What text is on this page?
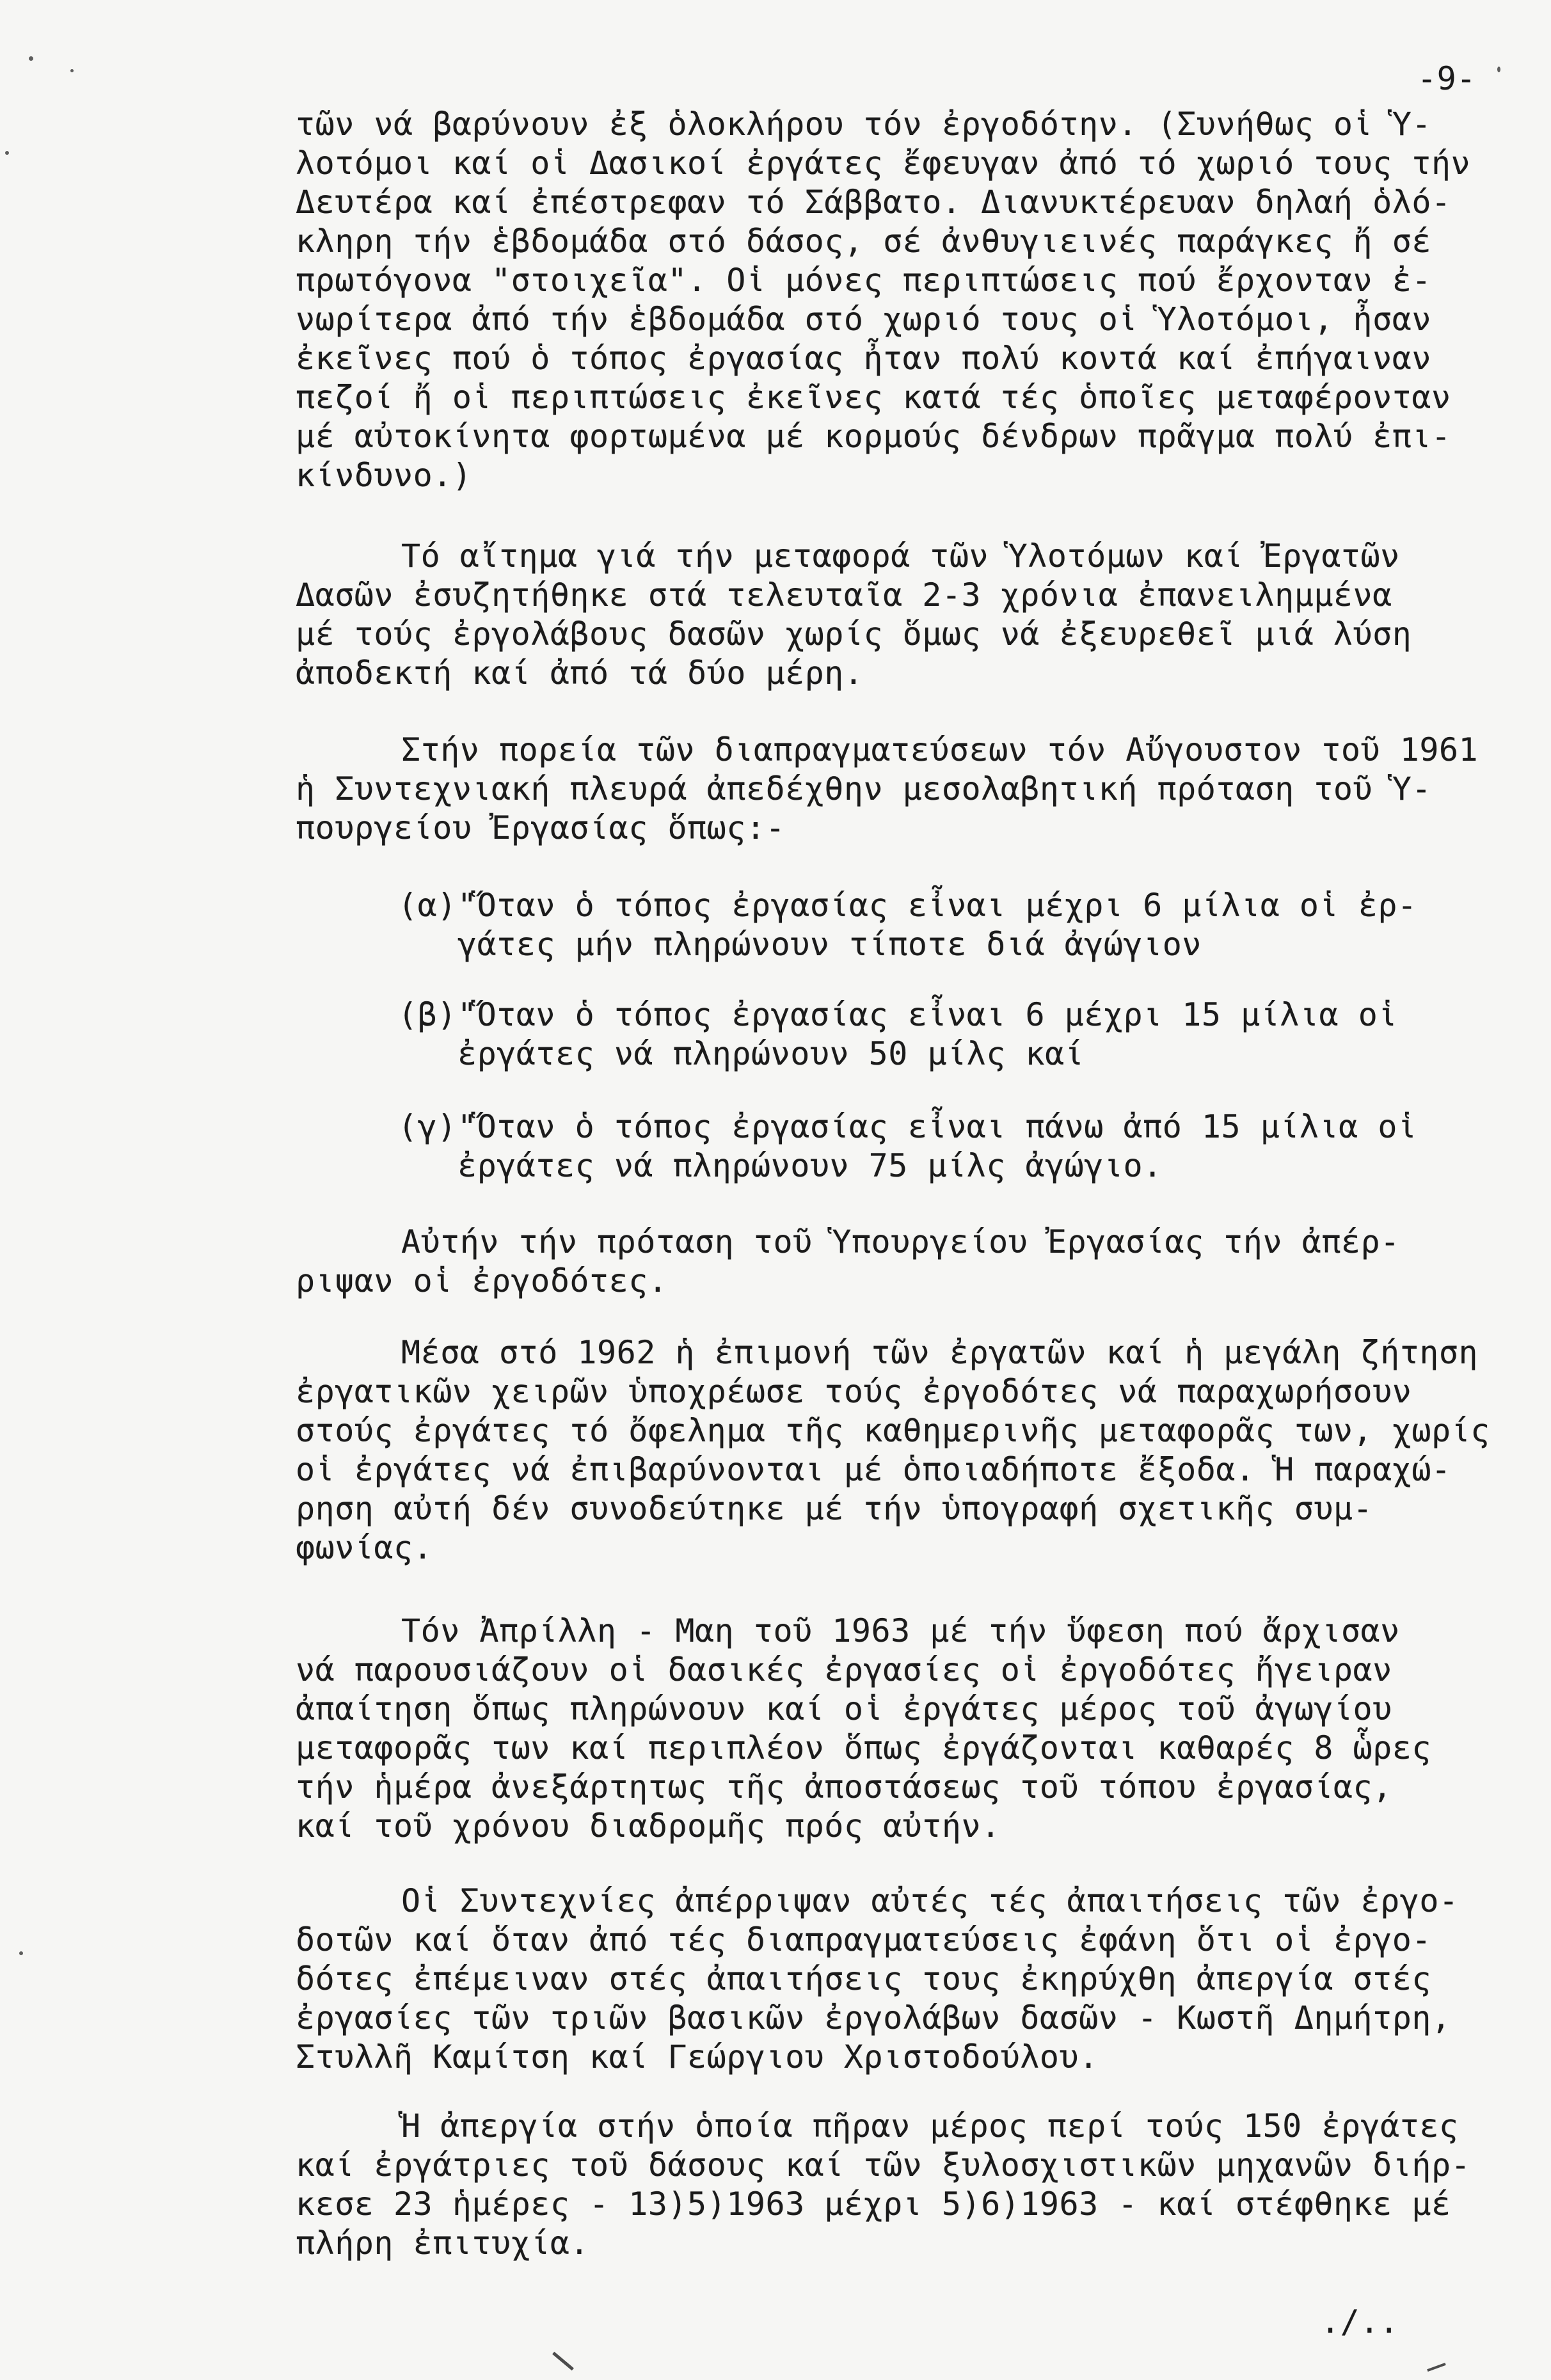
-9-
τῶν νά βαρύνουν ἐξ ὁλοκλήρου τόν ἐργοδότην. (Συνήθως οἱ Ὑ-
λοτόμοι καί οἱ Δασικοί ἐργάτες ἔφευγαν ἀπό τό χωριό τους τήν
Δευτέρα καί ἐπέστρεφαν τό Σάββατο. Διανυκτέρευαν δηλαή ὁλό-
κληρη τήν ἑβδομάδα στό δάσος, σέ ἀνθυγιεινές παράγκες ἤ σέ
πρωτόγονα "στοιχεῖα". Οἱ μόνες περιπτώσεις πού ἔρχονταν ἐ-
νωρίτερα ἀπό τήν ἑβδομάδα στό χωριό τους οἱ Ὑλοτόμοι, ἦσαν
ἐκεῖνες πού ὁ τόπος ἐργασίας ἦταν πολύ κοντά καί ἐπήγαιναν
πεζοί ἤ οἱ περιπτώσεις ἐκεῖνες κατά τές ὁποῖες μεταφέρονταν
μέ αὐτοκίνητα φορτωμένα μέ κορμούς δένδρων πρᾶγμα πολύ ἐπι-
κίνδυνο.)
Τό αἴτημα γιά τήν μεταφορά τῶν Ὑλοτόμων καί Ἐργατῶν
Δασῶν ἐσυζητήθηκε στά τελευταῖα 2-3 χρόνια ἐπανειλημμένα
μέ τούς ἐργολάβους δασῶν χωρίς ὅμως νά ἐξευρεθεῖ μιά λύση
ἀποδεκτή καί ἀπό τά δύο μέρη.
Στήν πορεία τῶν διαπραγματεύσεων τόν Αὔγουστον τοῦ 1961
ἡ Συντεχνιακή πλευρά ἀπεδέχθην μεσολαβητική πρόταση τοῦ Ὑ-
πουργείου Ἐργασίας ὅπως:-
(α) "Ὅταν ὁ τόπος ἐργασίας εἶναι μέχρι 6 μίλια οἱ ἐρ-
γάτες μήν πληρώνουν τίποτε διά ἀγώγιον
(β) "Ὅταν ὁ τόπος ἐργασίας εἶναι 6 μέχρι 15 μίλια οἱ
ἐργάτες νά πληρώνουν 50 μίλς καί
(γ) "Ὅταν ὁ τόπος ἐργασίας εἶναι πάνω ἀπό 15 μίλια οἱ
ἐργάτες νά πληρώνουν 75 μίλς ἀγώγιο.
Αὐτήν τήν πρόταση τοῦ Ὑπουργείου Ἐργασίας τήν ἀπέρ-
ριψαν οἱ ἐργοδότες.
Μέσα στό 1962 ἡ ἐπιμονή τῶν ἐργατῶν καί ἡ μεγάλη ζήτηση
ἐργατικῶν χειρῶν ὑποχρέωσε τούς ἐργοδότες νά παραχωρήσουν
στούς ἐργάτες τό ὄφελημα τῆς καθημερινῆς μεταφορᾶς των, χωρίς
οἱ ἐργάτες νά ἐπιβαρύνονται μέ ὁποιαδήποτε ἔξοδα. Ἡ παραχώ-
ρηση αὐτή δέν συνοδεύτηκε μέ τήν ὑπογραφή σχετικῆς συμ-
φωνίας.
Τόν Ἀπρίλλη - Μαη τοῦ 1963 μέ τήν ὕφεση πού ἄρχισαν
νά παρουσιάζουν οἱ δασικές ἐργασίες οἱ ἐργοδότες ἤγειραν
ἀπαίτηση ὅπως πληρώνουν καί οἱ ἐργάτες μέρος τοῦ ἀγωγίου
μεταφορᾶς των καί περιπλέον ὅπως ἐργάζονται καθαρές 8 ὧρες
τήν ἡμέρα ἀνεξάρτητως τῆς ἀποστάσεως τοῦ τόπου ἐργασίας,
καί τοῦ χρόνου διαδρομῆς πρός αὐτήν.
Οἱ Συντεχνίες ἀπέρριψαν αὐτές τές ἀπαιτήσεις τῶν ἐργο-
δοτῶν καί ὅταν ἀπό τές διαπραγματεύσεις ἐφάνη ὅτι οἱ ἐργο-
δότες ἐπέμειναν στές ἀπαιτήσεις τους ἐκηρύχθη ἀπεργία στές
ἐργασίες τῶν τριῶν βασικῶν ἐργολάβων δασῶν - Κωστῆ Δημήτρη,
Στυλλῆ Καμίτση καί Γεώργιου Χριστοδούλου.
Ἡ ἀπεργία στήν ὁποία πῆραν μέρος περί τούς 150 ἐργάτες
καί ἐργάτριες τοῦ δάσους καί τῶν ξυλοσχιστικῶν μηχανῶν διήρ-
κεσε 23 ἡμέρες - 13)5)1963 μέχρι 5)6)1963 - καί στέφθηκε μέ
πλήρη ἐπιτυχία.
./..
